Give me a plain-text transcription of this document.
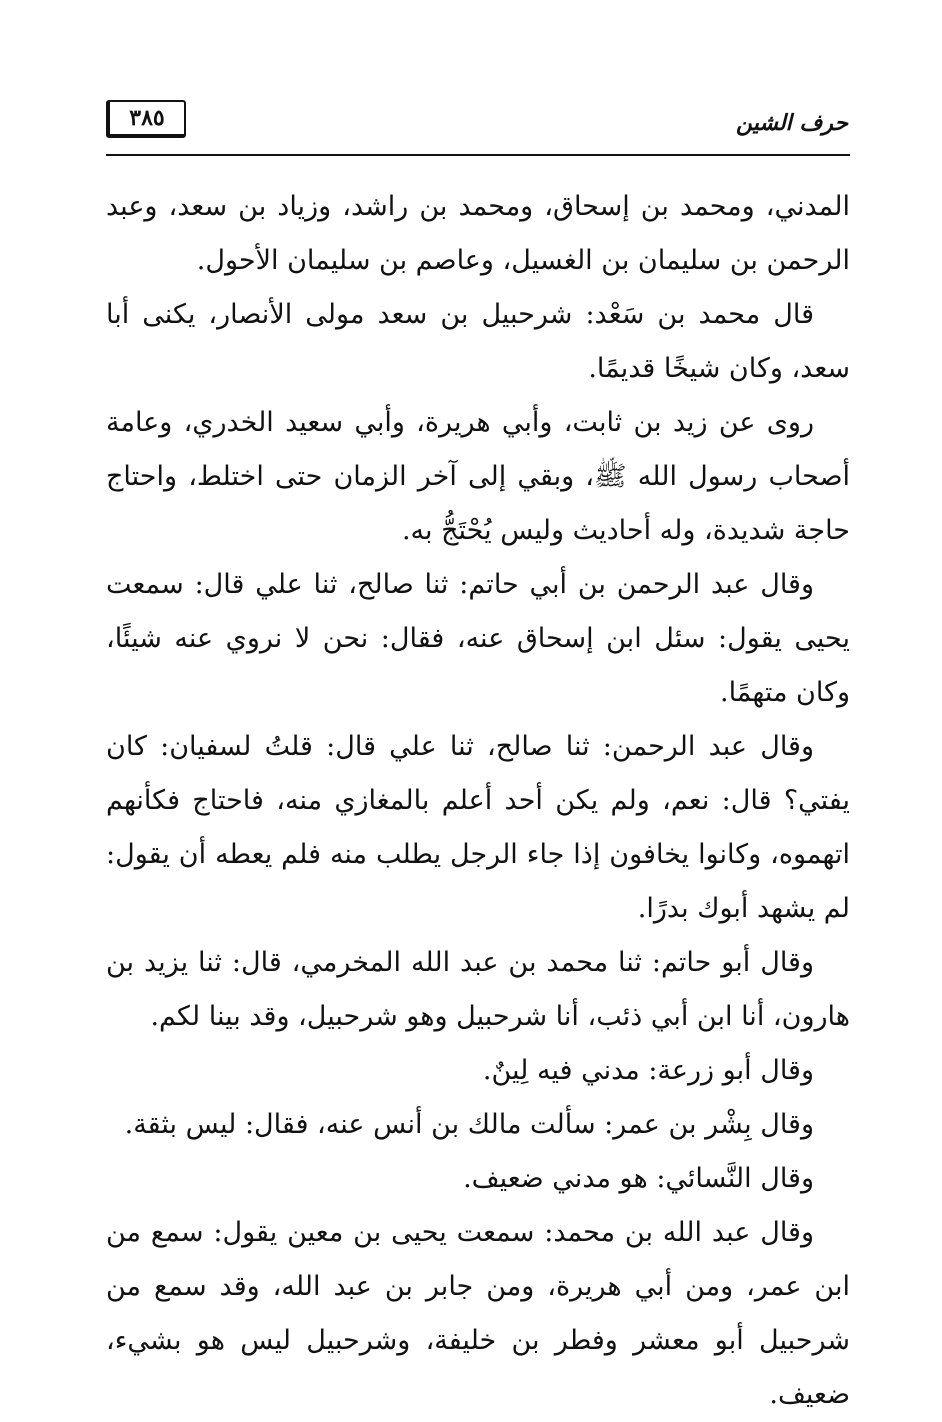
٣٨٥	حرف الشين

المدني، ومحمد بن إسحاق، ومحمد بن راشد، وزياد بن سعد، وعبد الرحمن بن سليمان بن الغسيل، وعاصم بن سليمان الأحول.

قال محمد بن سَعْد: شرحبيل بن سعد مولى الأنصار، يكنى أبا سعد، وكان شيخًا قديمًا.

روى عن زيد بن ثابت، وأبي هريرة، وأبي سعيد الخدري، وعامة أصحاب رسول الله ﷺ، وبقي إلى آخر الزمان حتى اختلط، واحتاج حاجة شديدة، وله أحاديث وليس يُحْتَجُّ به.

وقال عبد الرحمن بن أبي حاتم: ثنا صالح، ثنا علي قال: سمعت يحيى يقول: سئل ابن إسحاق عنه، فقال: نحن لا نروي عنه شيئًا، وكان متهمًا.

وقال عبد الرحمن: ثنا صالح، ثنا علي قال: قلتُ لسفيان: كان يفتي؟ قال: نعم، ولم يكن أحد أعلم بالمغازي منه، فاحتاج فكأنهم اتهموه، وكانوا يخافون إذا جاء الرجل يطلب منه فلم يعطه أن يقول: لم يشهد أبوك بدرًا.

وقال أبو حاتم: ثنا محمد بن عبد الله المخرمي، قال: ثنا يزيد بن هارون، أنا ابن أبي ذئب، أنا شرحبيل وهو شرحبيل، وقد بينا لكم.

وقال أبو زرعة: مدني فيه لِينٌ.

وقال بِشْر بن عمر: سألت مالك بن أنس عنه، فقال: ليس بثقة.

وقال النَّسائي: هو مدني ضعيف.

وقال عبد الله بن محمد: سمعت يحيى بن معين يقول: سمع من ابن عمر، ومن أبي هريرة، ومن جابر بن عبد الله، وقد سمع من شرحبيل أبو معشر وفطر بن خليفة، وشرحبيل ليس هو بشيء، ضعيف.
